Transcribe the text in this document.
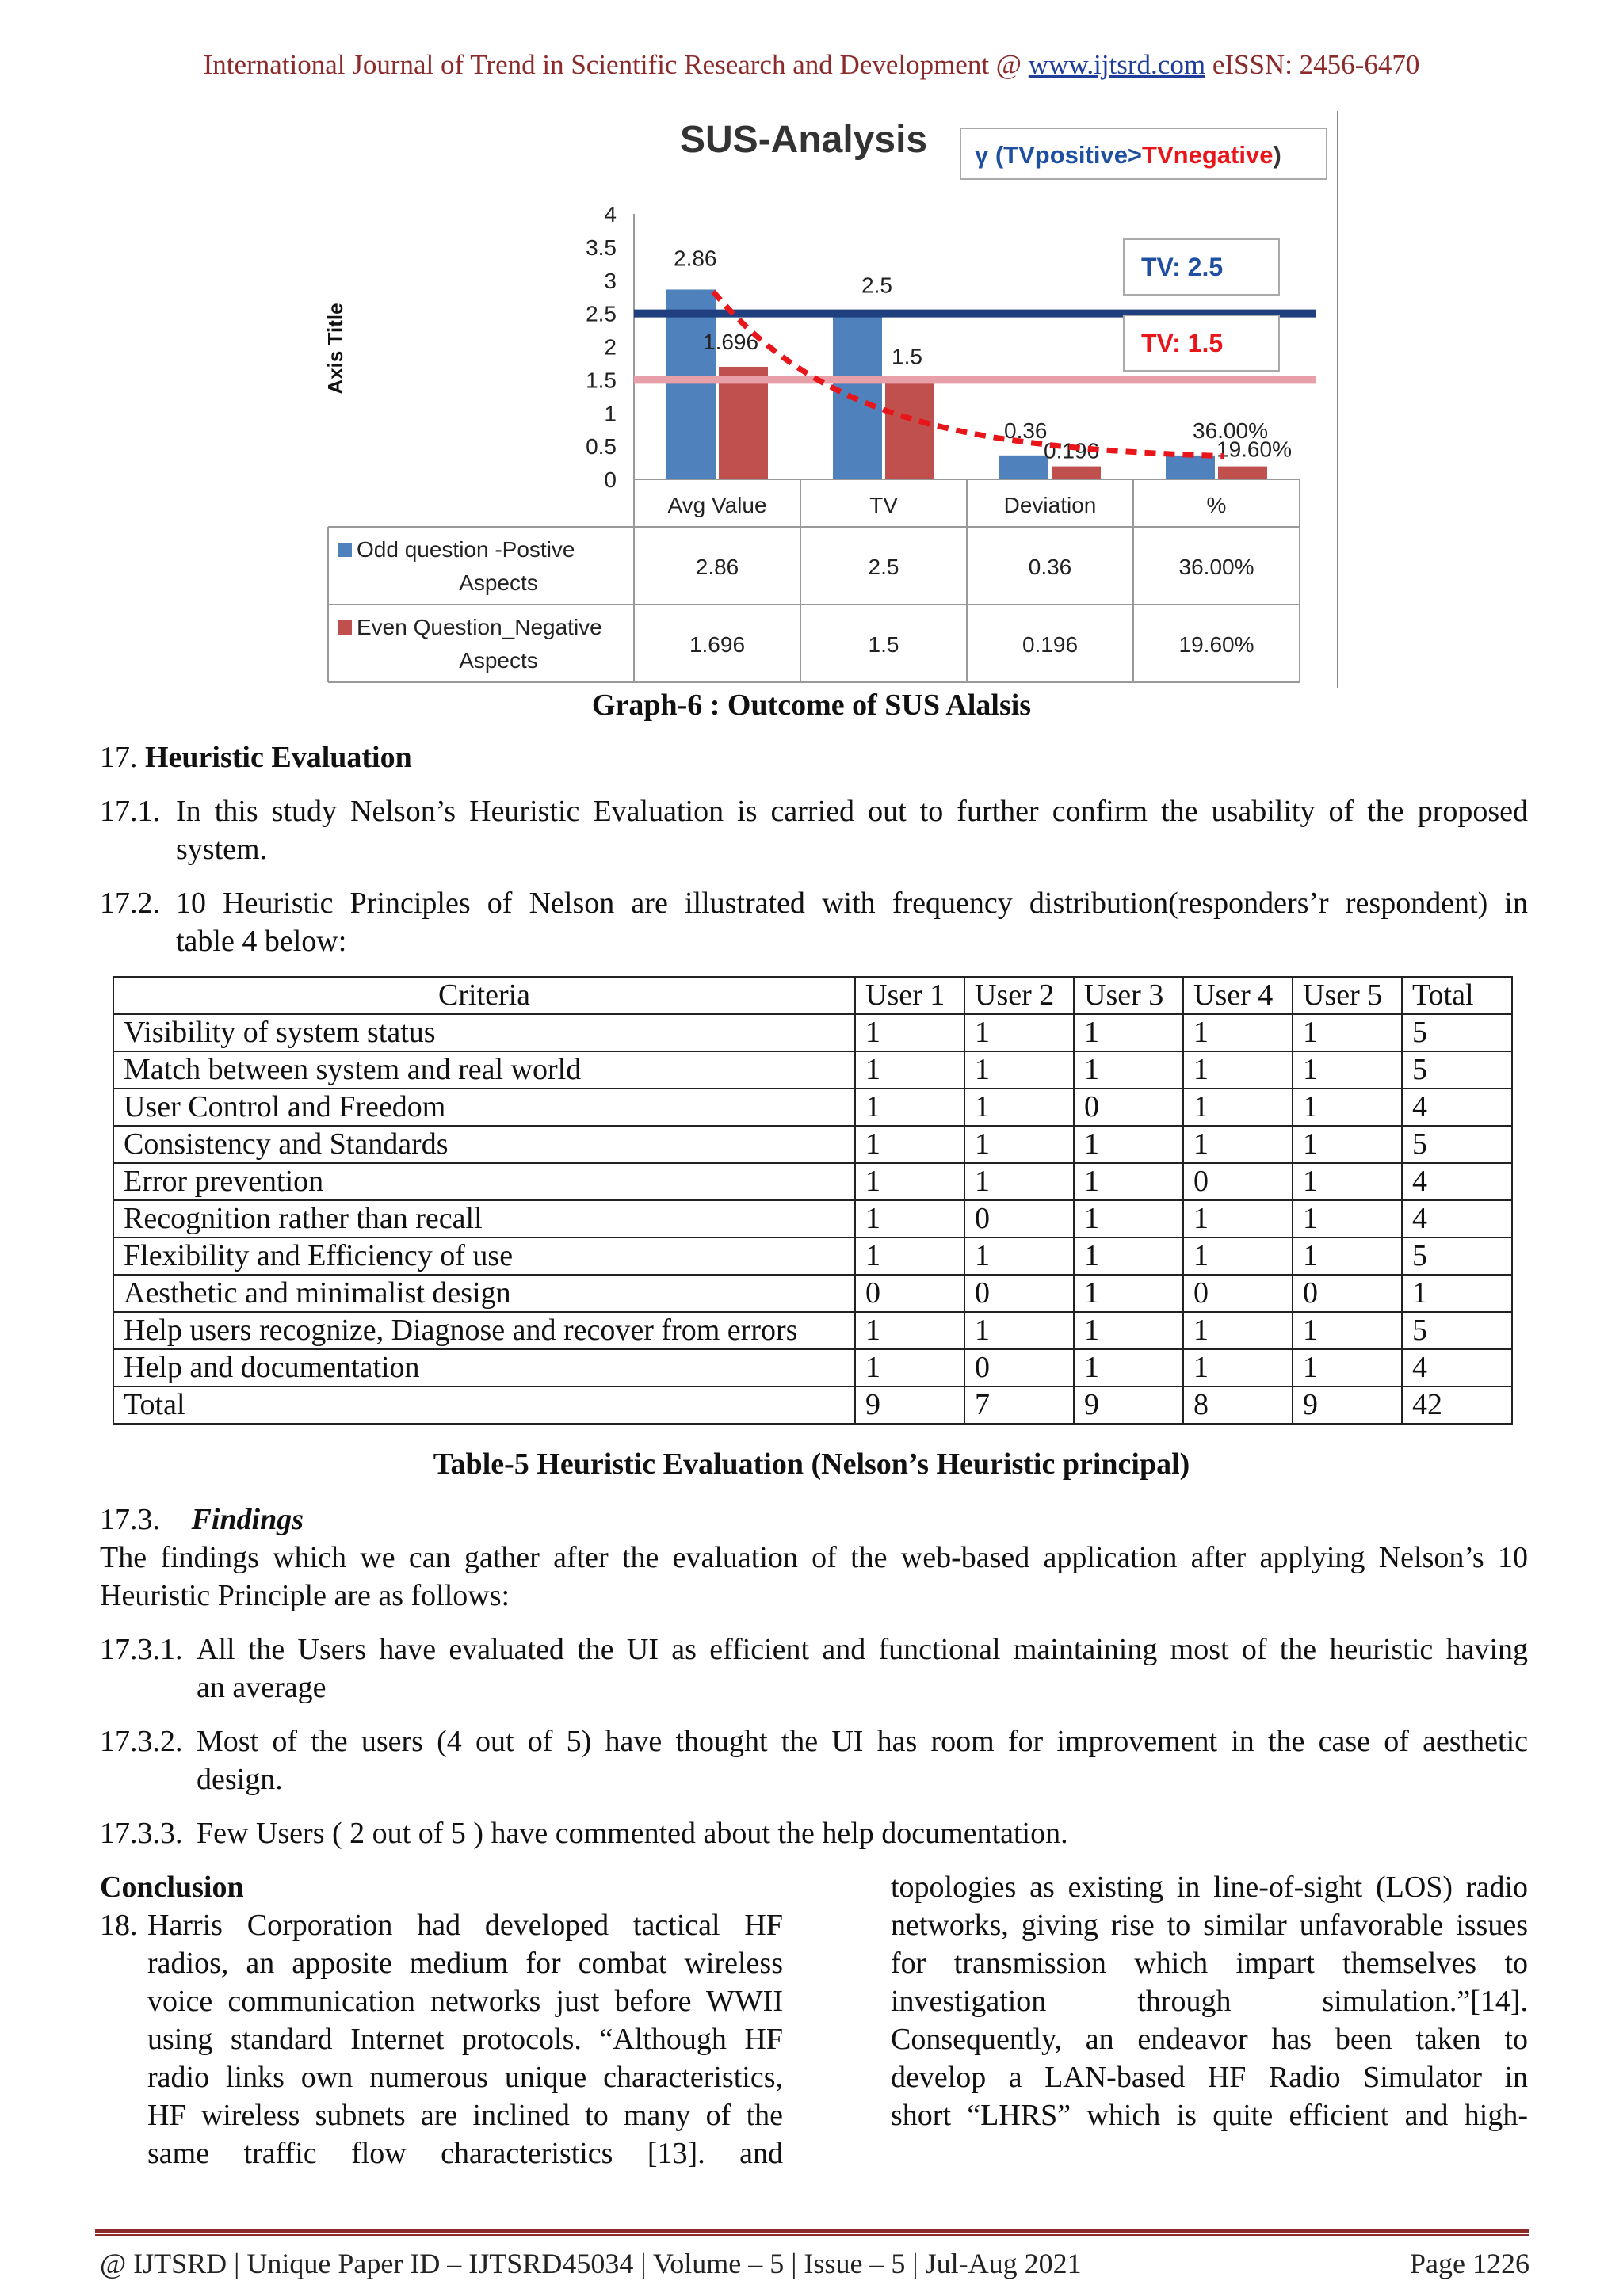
International Journal of Trend in Scientific Research and Development @ www.ijtsrd.com eISSN: 2456-6470
SUS-Analysis γ (TVpositive>TVnegative)
Axis Title
0
0.5
1
1.5
2
2.5
3
3.5
4
2.86
1.696
2.5
1.5
0.36
0.196
36.00%
19.60%
TV: 2.5
TV: 1.5
Avg Value	TV	Deviation	%
Odd question -Postive
Aspects
2.86	2.5	0.36	36.00%
Even Question_Negative
Aspects
1.696	1.5	0.196	19.60%
Graph-6 : Outcome of SUS Alalsis
17. Heuristic Evaluation
17.1. In this study Nelson’s Heuristic Evaluation is carried out to further confirm the usability of the proposed
system.
17.2. 10 Heuristic Principles of Nelson are illustrated with frequency distribution(responders’r respondent) in
table 4 below:
Criteria	User 1	User 2	User 3	User 4	User 5	Total
Visibility of system status	1	1	1	1	1	5
Match between system and real world	1	1	1	1	1	5
User Control and Freedom	1	1	0	1	1	4
Consistency and Standards	1	1	1	1	1	5
Error prevention	1	1	1	0	1	4
Recognition rather than recall	1	0	1	1	1	4
Flexibility and Efficiency of use	1	1	1	1	1	5
Aesthetic and minimalist design	0	0	1	0	0	1
Help users recognize, Diagnose and recover from errors	1	1	1	1	1	5
Help and documentation	1	0	1	1	1	4
Total	9	7	9	8	9	42
Table-5 Heuristic Evaluation (Nelson’s Heuristic principal)
17.3. Findings
The findings which we can gather after the evaluation of the web-based application after applying Nelson’s 10
Heuristic Principle are as follows:
17.3.1. All the Users have evaluated the UI as efficient and functional maintaining most of the heuristic having
an average
17.3.2. Most of the users (4 out of 5) have thought the UI has room for improvement in the case of aesthetic
design.
17.3.3. Few Users ( 2 out of 5 ) have commented about the help documentation.
Conclusion
18. Harris Corporation had developed tactical HF
radios, an apposite medium for combat wireless
voice communication networks just before WWII
using standard Internet protocols. “Although HF
radio links own numerous unique characteristics,
HF wireless subnets are inclined to many of the
same traffic flow characteristics [13]. and
topologies as existing in line-of-sight (LOS) radio
networks, giving rise to similar unfavorable issues
for transmission which impart themselves to
investigation through simulation.”[14].
Consequently, an endeavor has been taken to
develop a LAN-based HF Radio Simulator in
short “LHRS” which is quite efficient and high-
@ IJTSRD | Unique Paper ID – IJTSRD45034 | Volume – 5 | Issue – 5 | Jul-Aug 2021	Page 1226
